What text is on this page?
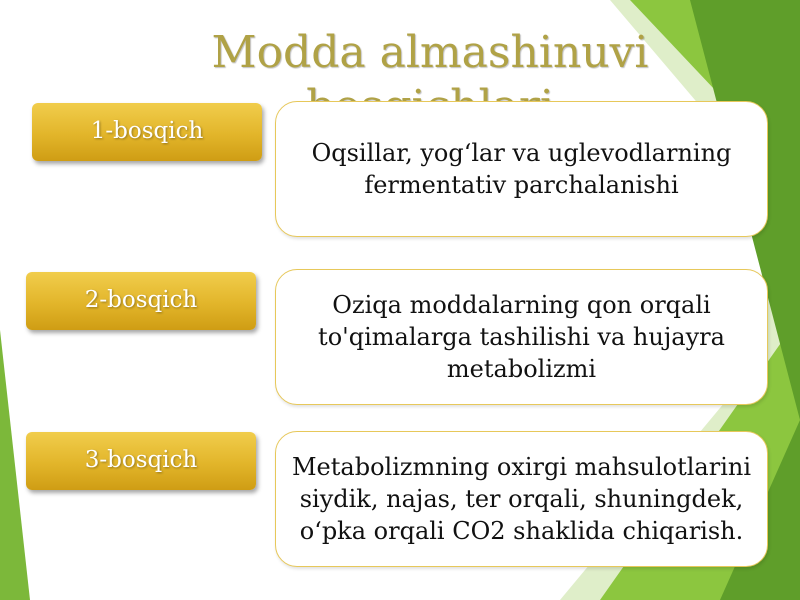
Modda almashinuvi
1-bosqich
Oqsillar, yog‘lar va uglevodlarning fermentativ parchalanishi
2-bosqich	Oziqa moddalarning qon orqali to'qimalarga tashilishi va hujayra metabolizmi
3-bosqich	Metabolizmning oxirgi mahsulotlarini siydik, najas, ter orqali, shuningdek, o‘pka orqali CO2 shaklida chiqarish.
